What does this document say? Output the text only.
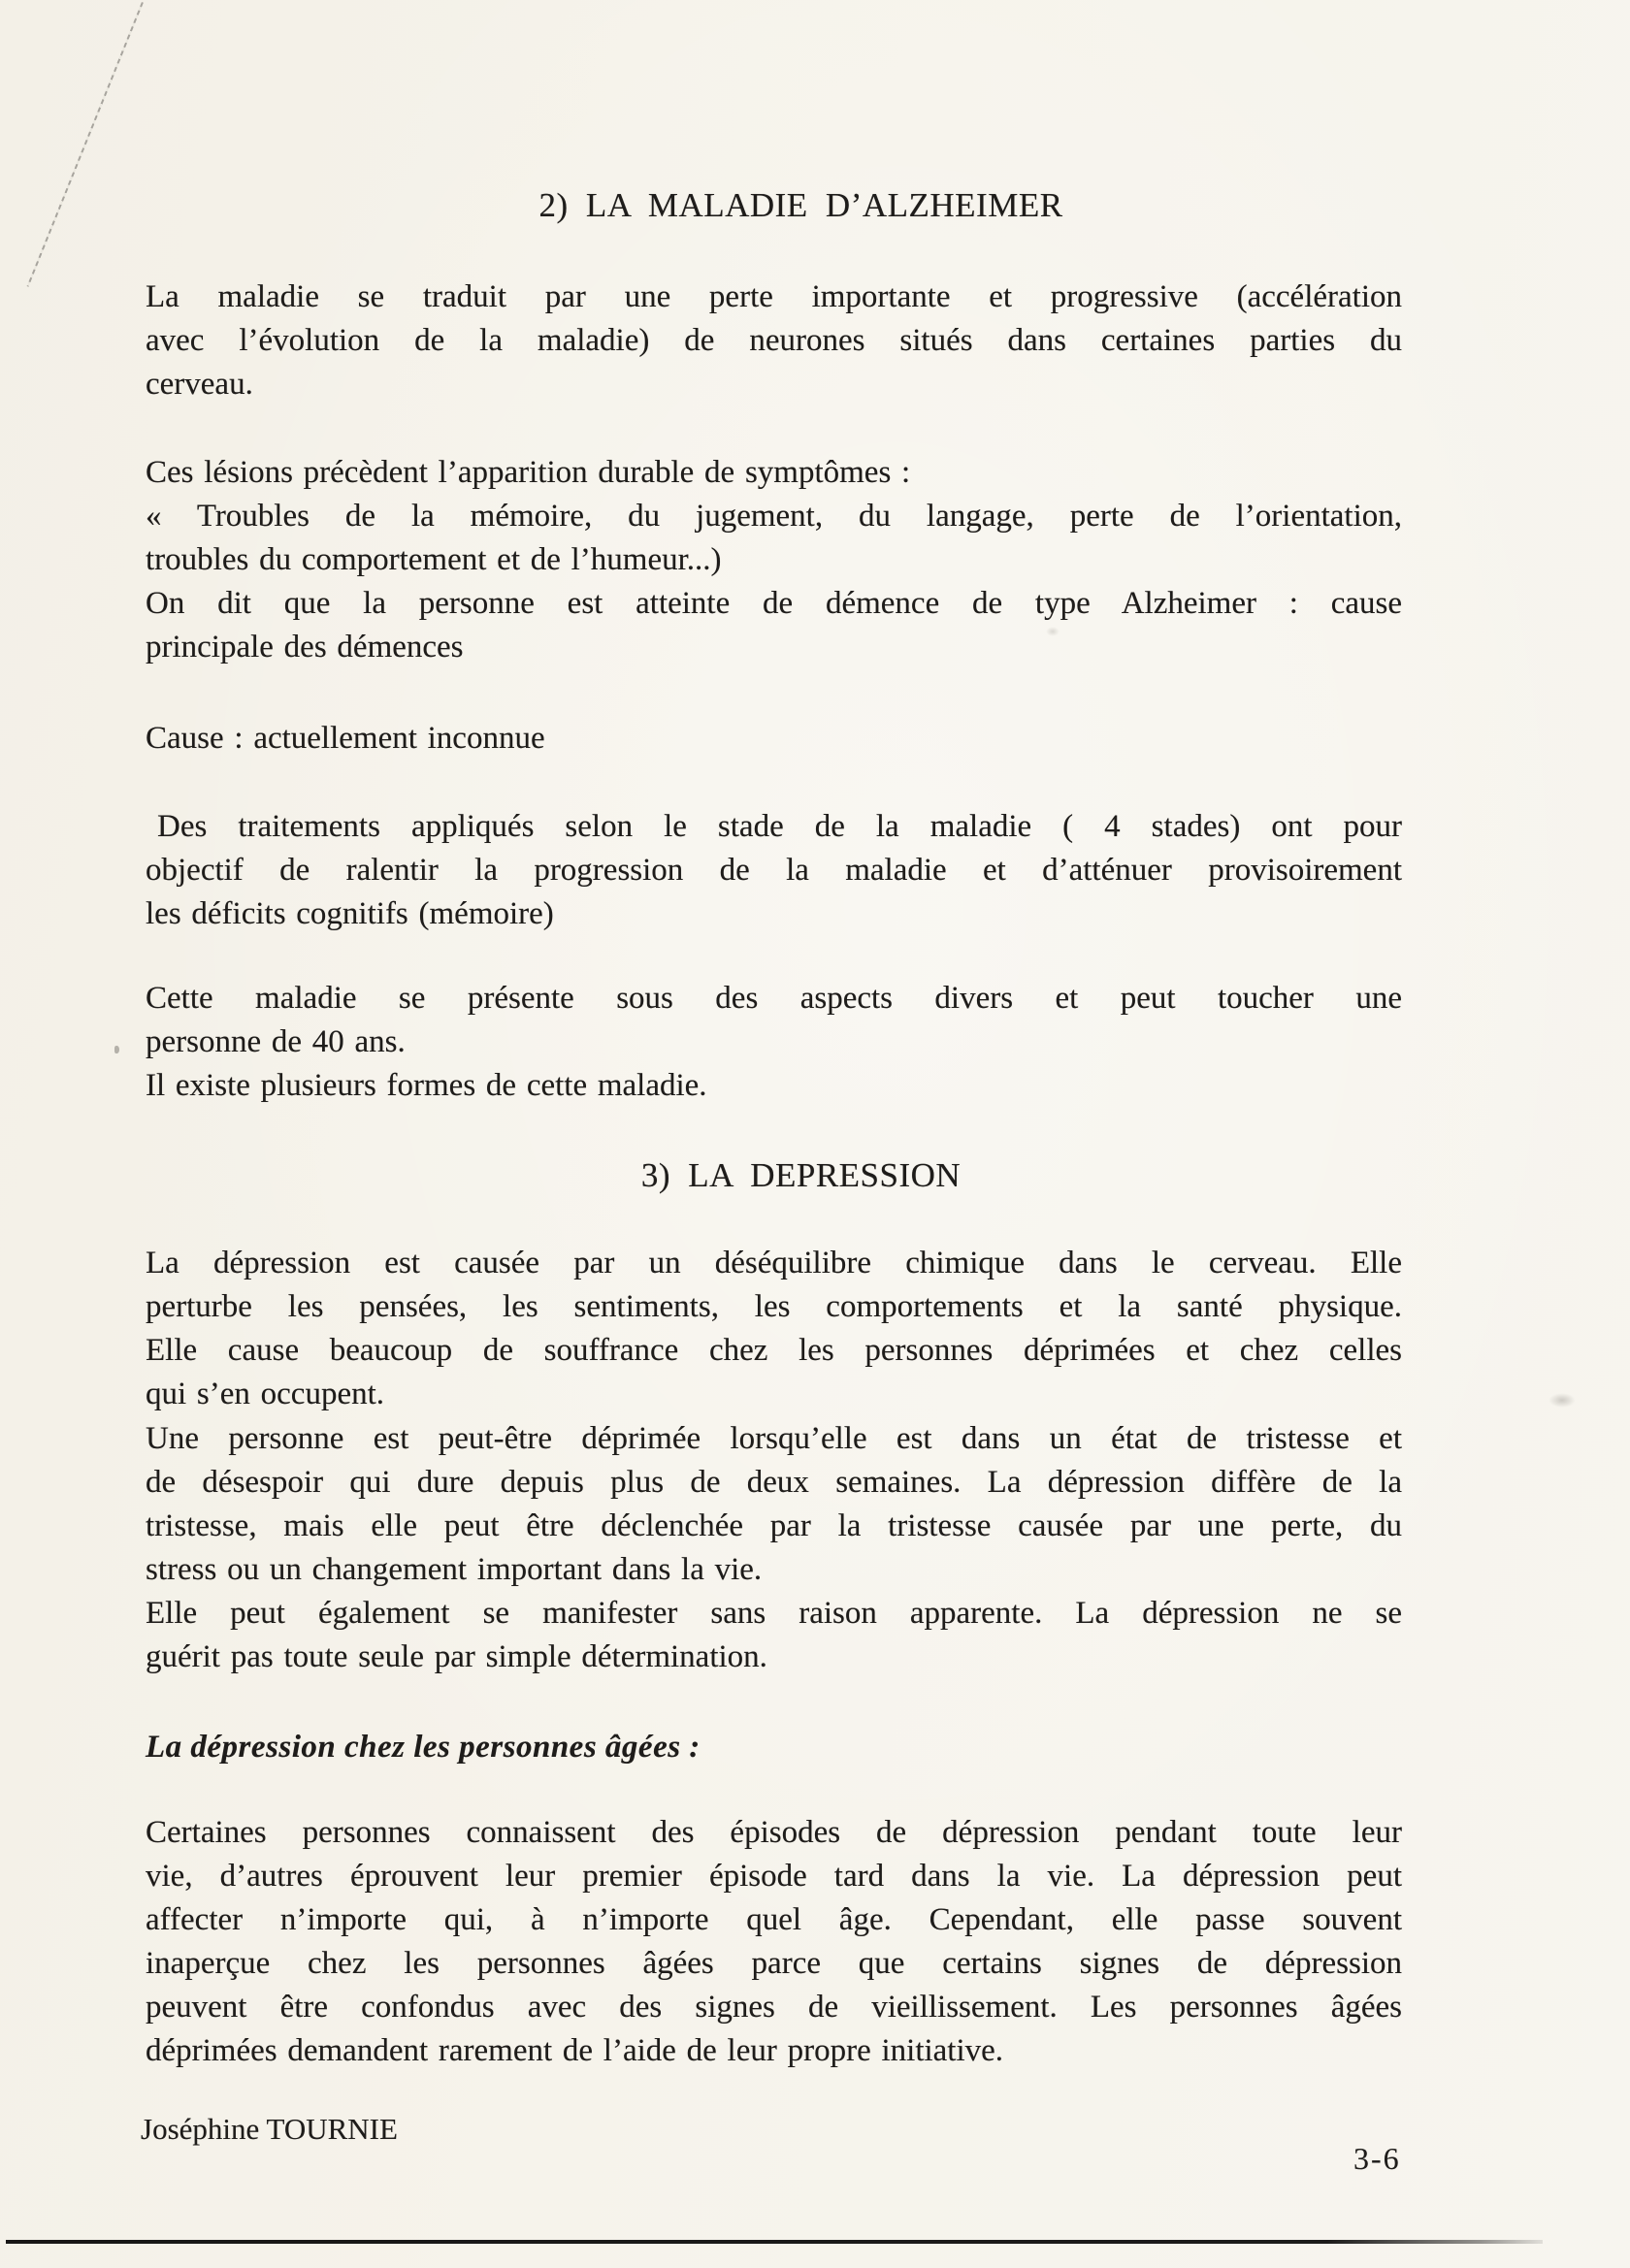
2) LA MALADIE D’ALZHEIMER
La maladie se traduit par une perte importante et progressive (accélération
avec l’évolution de la maladie) de neurones situés dans certaines parties du
cerveau.
Ces lésions précèdent l’apparition durable de symptômes :
« Troubles de la mémoire, du jugement, du langage, perte de l’orientation,
troubles du comportement et de l’humeur...)
On dit que la personne est atteinte de démence de type Alzheimer : cause
principale des démences
Cause : actuellement inconnue
Des traitements appliqués selon le stade de la maladie ( 4 stades) ont pour
objectif de ralentir la progression de la maladie et d’atténuer provisoirement
les déficits cognitifs (mémoire)
Cette maladie se présente sous des aspects divers et peut toucher une
personne de 40 ans.
Il existe plusieurs formes de cette maladie.
3) LA DEPRESSION
La dépression est causée par un déséquilibre chimique dans le cerveau. Elle
perturbe les pensées, les sentiments, les comportements et la santé physique.
Elle cause beaucoup de souffrance chez les personnes déprimées et chez celles
qui s’en occupent.
Une personne est peut-être déprimée lorsqu’elle est dans un état de tristesse et
de désespoir qui dure depuis plus de deux semaines. La dépression diffère de la
tristesse, mais elle peut être déclenchée par la tristesse causée par une perte, du
stress ou un changement important dans la vie.
Elle peut également se manifester sans raison apparente. La dépression ne se
guérit pas toute seule par simple détermination.
La dépression chez les personnes âgées :
Certaines personnes connaissent des épisodes de dépression pendant toute leur
vie, d’autres éprouvent leur premier épisode tard dans la vie. La dépression peut
affecter n’importe qui, à n’importe quel âge. Cependant, elle passe souvent
inaperçue chez les personnes âgées parce que certains signes de dépression
peuvent être confondus avec des signes de vieillissement. Les personnes âgées
déprimées demandent rarement de l’aide de leur propre initiative.
Joséphine TOURNIE
3-6
